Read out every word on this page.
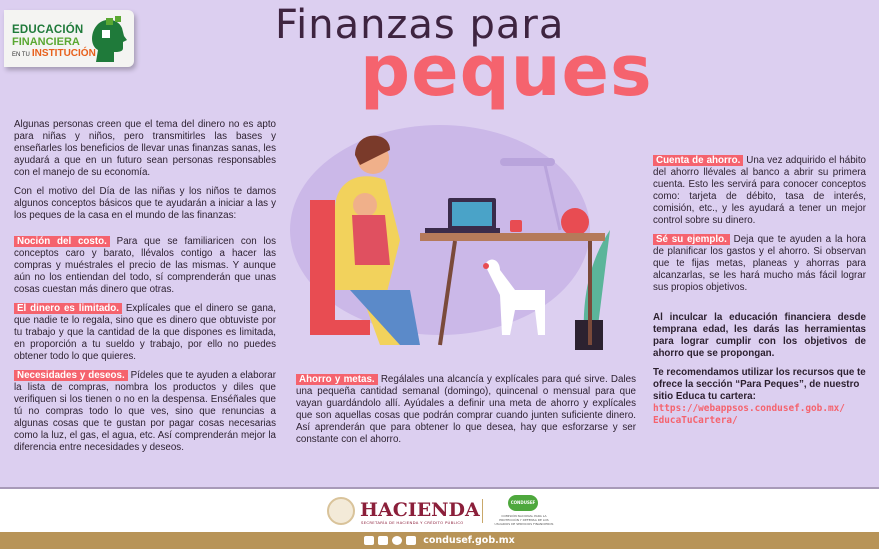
EDUCACIÓN
FINANCIERA
EN TU INSTITUCIÓN
Finanzas para
peques

Algunas personas creen que el tema del dinero no es apto para niñas y niños, pero transmitirles las bases y enseñarles los beneficios de llevar unas finanzas sanas, les ayudará a que en un futuro sean personas responsables con el manejo de su economía.

Con el motivo del Día de las niñas y los niños te damos algunos conceptos básicos que te ayudarán a iniciar a las y los peques de la casa en el mundo de las finanzas:

Noción del costo. Para que se familiaricen con los conceptos caro y barato, llévalos contigo a hacer las compras y muéstrales el precio de las mismas. Y aunque aún no los entiendan del todo, sí comprenderán que unas cosas cuestan más dinero que otras.

El dinero es limitado. Explícales que el dinero se gana, que nadie te lo regala, sino que es dinero que obtuviste por tu trabajo y que la cantidad de la que dispones es limitada, en proporción a tu sueldo y trabajo, por ello no puedes obtener todo lo que quieres.

Necesidades y deseos. Pídeles que te ayuden a elaborar la lista de compras, nombra los productos y diles que verifiquen si los tienen o no en la despensa. Enséñales que tú no compras todo lo que ves, sino que renuncias a algunas cosas que te gustan por pagar cosas necesarias como la luz, el gas, el agua, etc. Así comprenderán mejor la diferencia entre necesidades y deseos.

Ahorro y metas. Regálales una alcancía y explícales para qué sirve. Dales una pequeña cantidad semanal (domingo), quincenal o mensual para que vayan guardándolo allí. Ayúdales a definir una meta de ahorro y explícales que son aquellas cosas que podrán comprar cuando junten suficiente dinero. Así aprenderán que para obtener lo que desea, hay que esforzarse y ser constante con el ahorro.

Cuenta de ahorro. Una vez adquirido el hábito del ahorro llévales al banco a abrir su primera cuenta. Esto les servirá para conocer conceptos como: tarjeta de débito, tasa de interés, comisión, etc., y les ayudará a tener un mejor control sobre su dinero.

Sé su ejemplo. Deja que te ayuden a la hora de planificar los gastos y el ahorro. Si observan que te fijas metas, planeas y ahorras para alcanzarlas, se les hará mucho más fácil lograr sus propios objetivos.

Al inculcar la educación financiera desde temprana edad, les darás las herramientas para lograr cumplir con los objetivos de ahorro que se propongan.

Te recomendamos utilizar los recursos que te ofrece la sección “Para Peques”, de nuestro sitio Educa tu cartera:
https://webappsos.condusef.gob.mx/ EducaTuCartera/

HACIENDA
SECRETARÍA DE HACIENDA Y CRÉDITO PÚBLICO
CONDUSEF
COMISIÓN NACIONAL PARA LA PROTECCIÓN Y DEFENSA DE LOS USUARIOS DE SERVICIOS FINANCIEROS
condusef.gob.mx
